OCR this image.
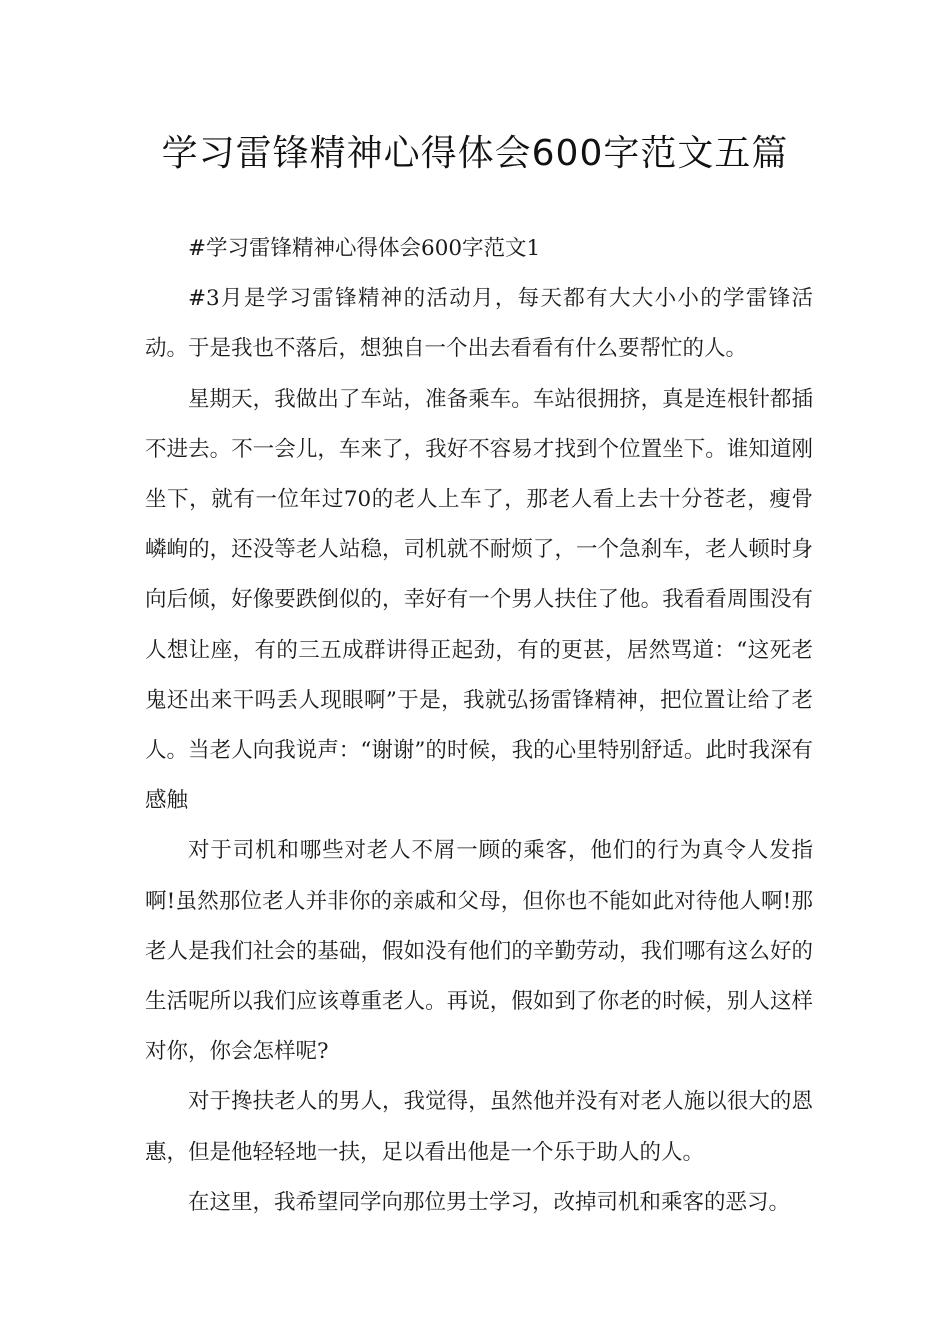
学习雷锋精神心得体会600字范文五篇

#学习雷锋精神心得体会600字范文1

#3月是学习雷锋精神的活动月，每天都有大大小小的学雷锋活动。于是我也不落后，想独自一个出去看看有什么要帮忙的人。

星期天，我做出了车站，准备乘车。车站很拥挤，真是连根针都插不进去。不一会儿，车来了，我好不容易才找到个位置坐下。谁知道刚坐下，就有一位年过70的老人上车了，那老人看上去十分苍老，瘦骨嶙峋的，还没等老人站稳，司机就不耐烦了，一个急刹车，老人顿时身向后倾，好像要跌倒似的，幸好有一个男人扶住了他。我看看周围没有人想让座，有的三五成群讲得正起劲，有的更甚，居然骂道：“这死老鬼还出来干吗丢人现眼啊”于是，我就弘扬雷锋精神，把位置让给了老人。当老人向我说声：“谢谢”的时候，我的心里特别舒适。此时我深有感触

对于司机和哪些对老人不屑一顾的乘客，他们的行为真令人发指啊!虽然那位老人并非你的亲戚和父母，但你也不能如此对待他人啊!那老人是我们社会的基础，假如没有他们的辛勤劳动，我们哪有这么好的生活呢所以我们应该尊重老人。再说，假如到了你老的时候，别人这样对你，你会怎样呢?

对于搀扶老人的男人，我觉得，虽然他并没有对老人施以很大的恩惠，但是他轻轻地一扶，足以看出他是一个乐于助人的人。

在这里，我希望同学向那位男士学习，改掉司机和乘客的恶习。
